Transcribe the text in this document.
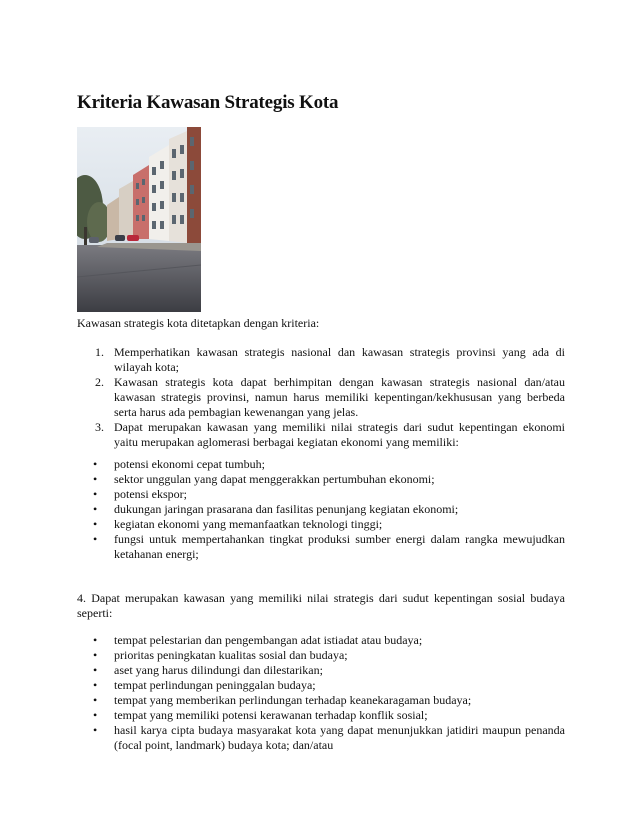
Kriteria Kawasan Strategis Kota
Kawasan strategis kota ditetapkan dengan kriteria:
1. Memperhatikan kawasan strategis nasional dan kawasan strategis provinsi yang ada di wilayah kota;
2. Kawasan strategis kota dapat berhimpitan dengan kawasan strategis nasional dan/atau kawasan strategis provinsi, namun harus memiliki kepentingan/kekhususan yang berbeda serta harus ada pembagian kewenangan yang jelas.
3. Dapat merupakan kawasan yang memiliki nilai strategis dari sudut kepentingan ekonomi yaitu merupakan aglomerasi berbagai kegiatan ekonomi yang memiliki:
• potensi ekonomi cepat tumbuh;
• sektor unggulan yang dapat menggerakkan pertumbuhan ekonomi;
• potensi ekspor;
• dukungan jaringan prasarana dan fasilitas penunjang kegiatan ekonomi;
• kegiatan ekonomi yang memanfaatkan teknologi tinggi;
• fungsi untuk mempertahankan tingkat produksi sumber energi dalam rangka mewujudkan ketahanan energi;
4. Dapat merupakan kawasan yang memiliki nilai strategis dari sudut kepentingan sosial budaya seperti:
• tempat pelestarian dan pengembangan adat istiadat atau budaya;
• prioritas peningkatan kualitas sosial dan budaya;
• aset yang harus dilindungi dan dilestarikan;
• tempat perlindungan peninggalan budaya;
• tempat yang memberikan perlindungan terhadap keanekaragaman budaya;
• tempat yang memiliki potensi kerawanan terhadap konflik sosial;
• hasil karya cipta budaya masyarakat kota yang dapat menunjukkan jatidiri maupun penanda (focal point, landmark) budaya kota; dan/atau
